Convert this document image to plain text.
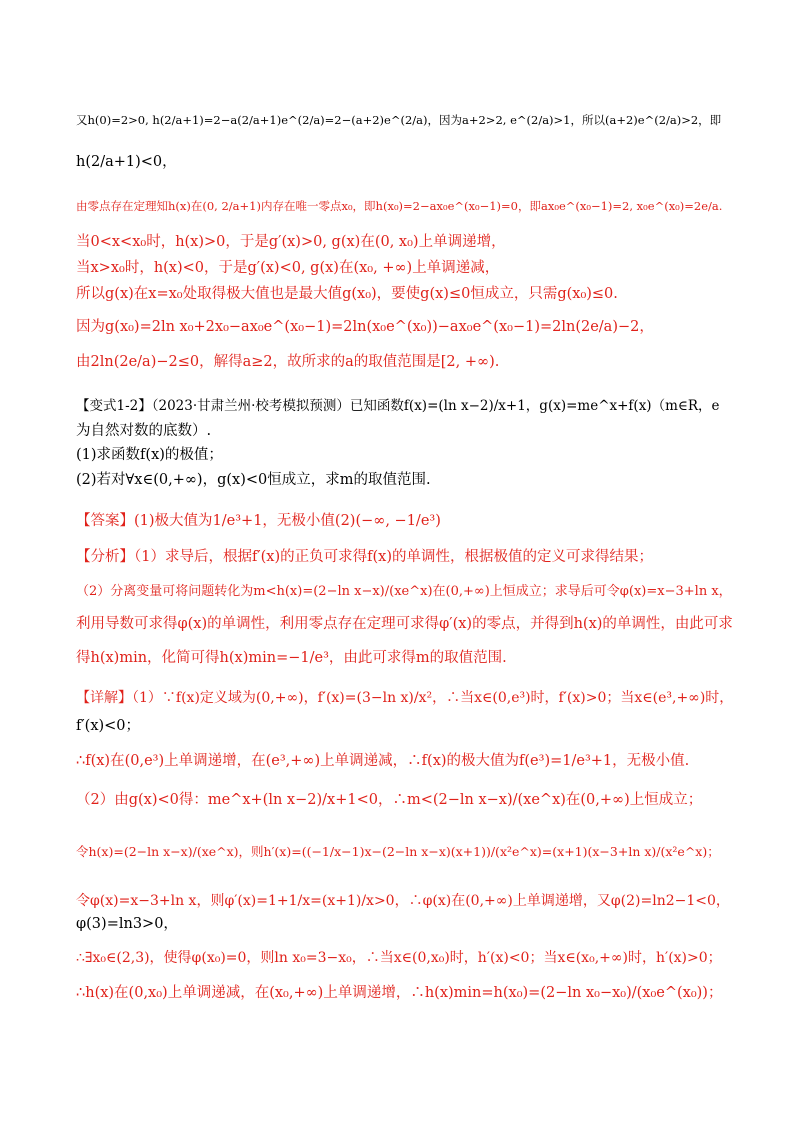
又h(0)=2>0, h(2/a+1)=2−a(2/a+1)e^(2/a)=2−(a+2)e^(2/a)，因为a+2>2, e^(2/a)>1，所以(a+2)e^(2/a)>2，即
h(2/a+1)<0，
由零点存在定理知h(x)在(0, 2/a+1)内存在唯一零点x₀，即h(x₀)=2−ax₀e^(x₀−1)=0，即ax₀e^(x₀−1)=2, x₀e^(x₀)=2e/a.
当0<x<x₀时，h(x)>0，于是g′(x)>0, g(x)在(0, x₀)上单调递增，
当x>x₀时，h(x)<0，于是g′(x)<0, g(x)在(x₀, +∞)上单调递减，
所以g(x)在x=x₀处取得极大值也是最大值g(x₀)，要使g(x)≤0恒成立，只需g(x₀)≤0.
因为g(x₀)=2ln x₀+2x₀−ax₀e^(x₀−1)=2ln(x₀e^(x₀))−ax₀e^(x₀−1)=2ln(2e/a)−2，
由2ln(2e/a)−2≤0，解得a≥2，故所求的a的取值范围是[2, +∞).
【变式1-2】（2023·甘肃兰州·校考模拟预测）已知函数f(x)=(ln x−2)/x+1，g(x)=me^x+f(x)（m∈R，e
为自然对数的底数）.
(1)求函数f(x)的极值；
(2)若对∀x∈(0,+∞)，g(x)<0恒成立，求m的取值范围.
【答案】(1)极大值为1/e³+1，无极小值(2)(−∞, −1/e³)
【分析】（1）求导后，根据f′(x)的正负可求得f(x)的单调性，根据极值的定义可求得结果；
（2）分离变量可将问题转化为m<h(x)=(2−ln x−x)/(xe^x)在(0,+∞)上恒成立；求导后可令φ(x)=x−3+ln x，
利用导数可求得φ(x)的单调性，利用零点存在定理可求得φ′(x)的零点，并得到h(x)的单调性，由此可求
得h(x)min，化简可得h(x)min=−1/e³，由此可求得m的取值范围.
【详解】（1）∵f(x)定义域为(0,+∞)，f′(x)=(3−ln x)/x²，∴当x∈(0,e³)时，f′(x)>0；当x∈(e³,+∞)时，
f′(x)<0；
∴f(x)在(0,e³)上单调递增，在(e³,+∞)上单调递减，∴f(x)的极大值为f(e³)=1/e³+1，无极小值.
（2）由g(x)<0得：me^x+(ln x−2)/x+1<0，∴m<(2−ln x−x)/(xe^x)在(0,+∞)上恒成立；
令h(x)=(2−ln x−x)/(xe^x)，则h′(x)=((−1/x−1)x−(2−ln x−x)(x+1))/(x²e^x)=(x+1)(x−3+ln x)/(x²e^x)；
令φ(x)=x−3+ln x，则φ′(x)=1+1/x=(x+1)/x>0，∴φ(x)在(0,+∞)上单调递增，又φ(2)=ln2−1<0，
φ(3)=ln3>0，
∴∃x₀∈(2,3)，使得φ(x₀)=0，则ln x₀=3−x₀，∴当x∈(0,x₀)时，h′(x)<0；当x∈(x₀,+∞)时，h′(x)>0；
∴h(x)在(0,x₀)上单调递减，在(x₀,+∞)上单调递增，∴h(x)min=h(x₀)=(2−ln x₀−x₀)/(x₀e^(x₀))；
